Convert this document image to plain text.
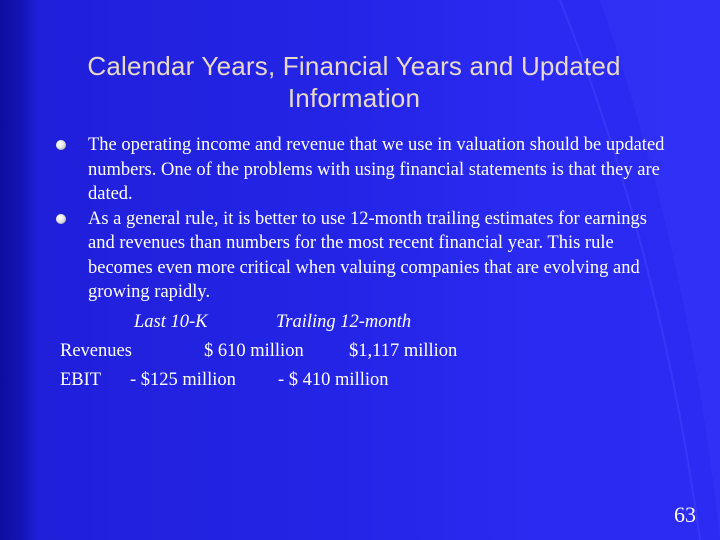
Calendar Years, Financial Years and Updated Information
The operating income and revenue that we use in valuation should be updated numbers. One of the problems with using financial statements is that they are dated.
As a general rule, it is better to use 12-month trailing estimates for earnings and revenues than numbers for the most recent financial year. This rule becomes even more critical when valuing companies that are evolving and growing rapidly.
Last 10-K	Trailing 12-month
Revenues	$ 610 million $1,117 million
EBIT - $125 million - $ 410 million
63
